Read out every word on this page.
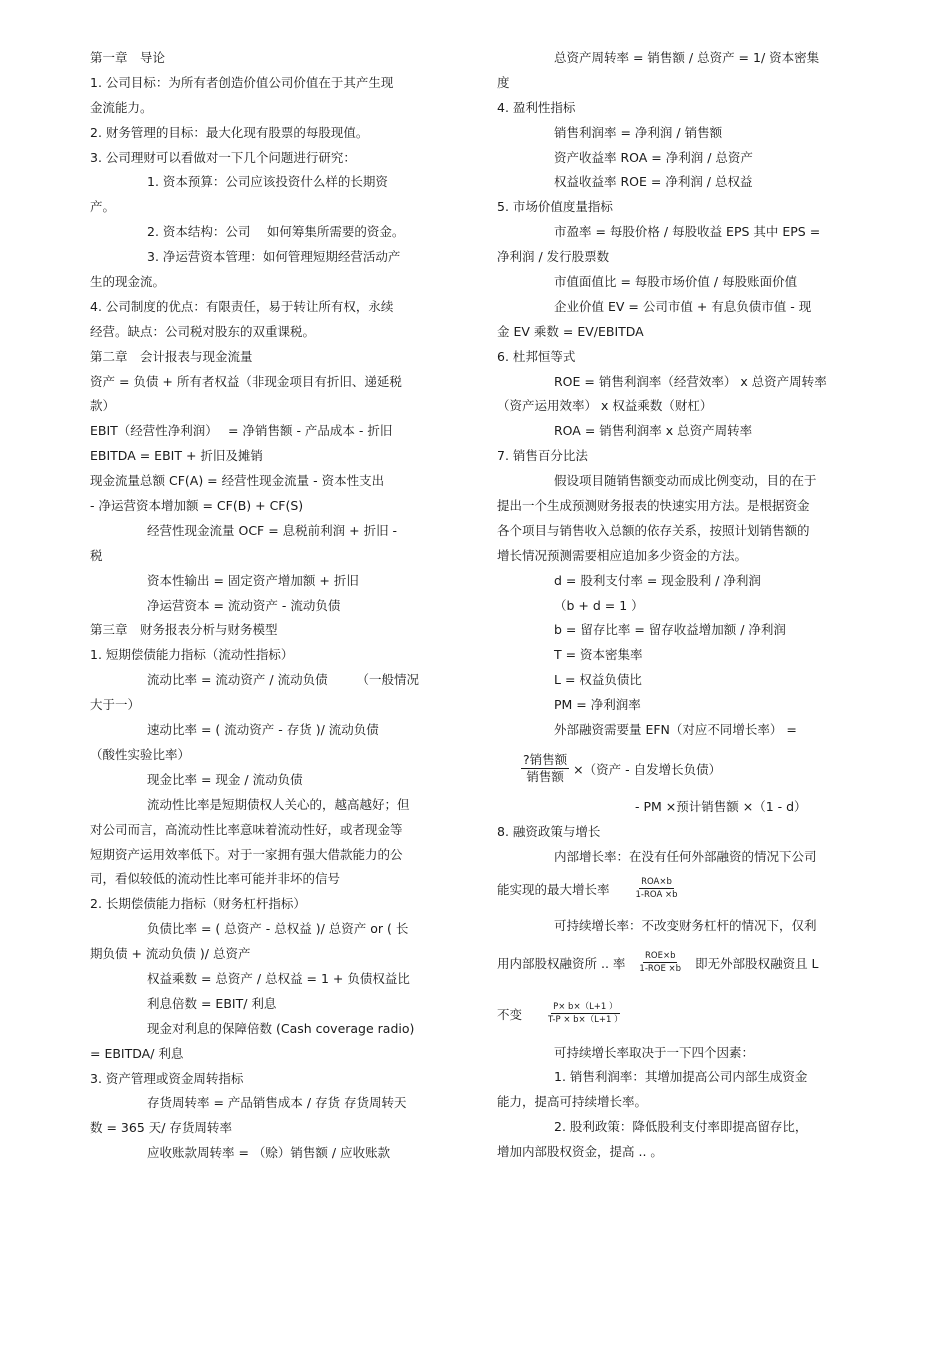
第一章　导论
1. 公司目标：为所有者创造价值公司价值在于其产生现
金流能力。
2. 财务管理的目标：最大化现有股票的每股现值。
3. 公司理财可以看做对一下几个问题进行研究：
1. 资本预算：公司应该投资什么样的长期资
产。
2. 资本结构：公司　 如何筹集所需要的资金。
3. 净运营资本管理：如何管理短期经营活动产
生的现金流。
4. 公司制度的优点：有限责任，易于转让所有权，永续
经营。缺点：公司税对股东的双重课税。
第二章　会计报表与现金流量
资产 = 负债 + 所有者权益（非现金项目有折旧、递延税
款）
EBIT（经营性净利润）　 = 净销售额 - 产品成本 - 折旧
EBITDA = EBIT + 折旧及摊销
现金流量总额 CF(A) = 经营性现金流量 - 资本性支出
- 净运营资本增加额 = CF(B) + CF(S)
经营性现金流量 OCF = 息税前利润 + 折旧 -
税
资本性输出 = 固定资产增加额 + 折旧
净运营资本 = 流动资产 - 流动负债
第三章　财务报表分析与财务模型
1. 短期偿债能力指标（流动性指标）
流动比率 = 流动资产 / 流动负债　　 （一般情况
大于一）
速动比率 = ( 流动资产 - 存货 )/ 流动负债
（酸性实验比率）
现金比率 = 现金 / 流动负债
流动性比率是短期债权人关心的，越高越好；但
对公司而言，高流动性比率意味着流动性好，或者现金等
短期资产运用效率低下。对于一家拥有强大借款能力的公
司，看似较低的流动性比率可能并非坏的信号
2. 长期偿债能力指标（财务杠杆指标）
负债比率 = ( 总资产 - 总权益 )/ 总资产 or ( 长
期负债 + 流动负债 )/ 总资产
权益乘数 = 总资产 / 总权益 = 1 + 负债权益比
利息倍数 = EBIT/ 利息
现金对利息的保障倍数 (Cash coverage radio)
= EBITDA/ 利息
3. 资产管理或资金周转指标
存货周转率 = 产品销售成本 / 存货 存货周转天
数 = 365 天/ 存货周转率
应收账款周转率 = （赊）销售额 / 应收账款
总资产周转率 = 销售额 / 总资产 = 1/ 资本密集
度
4. 盈利性指标
销售利润率 = 净利润 / 销售额
资产收益率 ROA = 净利润 / 总资产
权益收益率 ROE = 净利润 / 总权益
5. 市场价值度量指标
市盈率 = 每股价格 / 每股收益 EPS 其中 EPS =
净利润 / 发行股票数
市值面值比 = 每股市场价值 / 每股账面价值
企业价值 EV = 公司市值 + 有息负债市值 - 现
金 EV 乘数 = EV/EBITDA
6. 杜邦恒等式
ROE = 销售利润率（经营效率） x 总资产周转率
（资产运用效率） x 权益乘数（财杠）
ROA = 销售利润率 x 总资产周转率
7. 销售百分比法
假设项目随销售额变动而成比例变动，目的在于
提出一个生成预测财务报表的快速实用方法。是根据资金
各个项目与销售收入总额的依存关系，按照计划销售额的
增长情况预测需要相应追加多少资金的方法。
d = 股利支付率 = 现金股利 / 净利润
（b + d = 1 ）
b = 留存比率 = 留存收益增加额 / 净利润
T = 资本密集率
L = 权益负债比
PM = 净利润率
外部融资需要量 EFN（对应不同增长率） =
$\frac{\text{?销售额}}{\text{销售额}}$ ×（资产 - 自发增长负债）
- PM ×预计销售额 ×（1 - d）
8. 融资政策与增长
内部增长率：在没有任何外部融资的情况下公司
能实现的最大增长率	$\frac{\text{ROA×b}}{\text{1-ROA ×b}}$
可持续增长率：不改变财务杠杆的情况下，仅利
用内部股权融资所 .. 率 $\frac{\text{ROE×b}}{\text{1-ROE ×b}}$ 即无外部股权融资且 L
不变	$\frac{P\times b\times(L+1 )}{T-P \times b\times(L+1 )}$
可持续增长率取决于一下四个因素：
1. 销售利润率：其增加提高公司内部生成资金
能力，提高可持续增长率。
2. 股利政策：降低股利支付率即提高留存比，
增加内部股权资金，提高 .. 。
